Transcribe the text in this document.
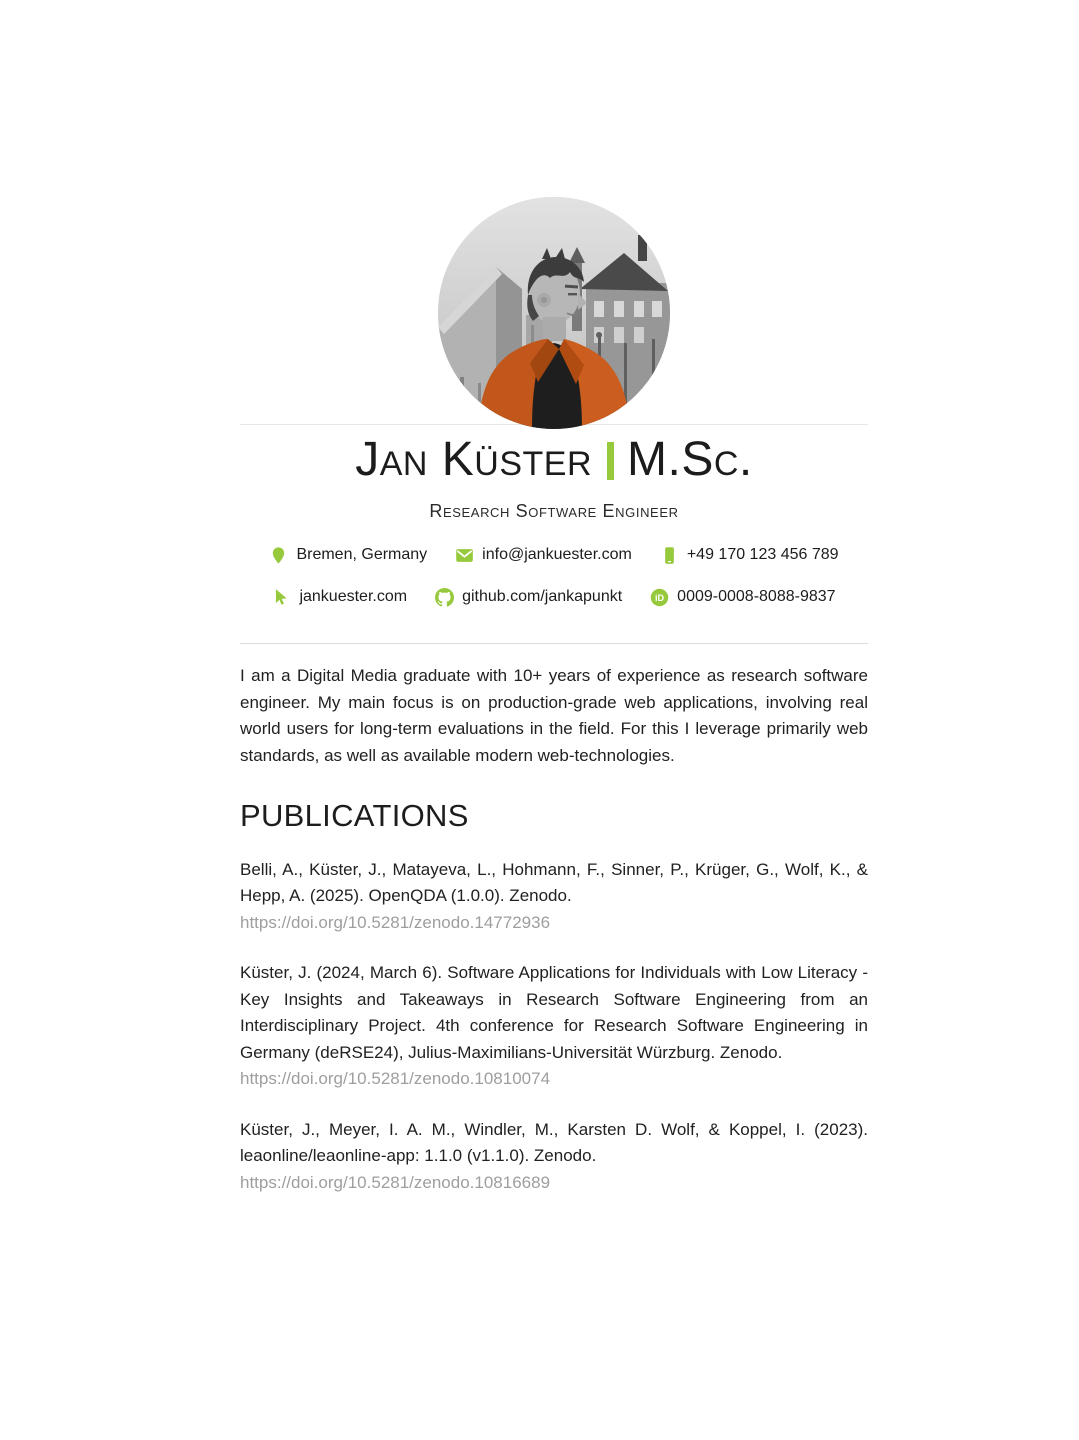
Jan Küster M.Sc.
Research Software Engineer
Bremen, Germany	info@jankuester.com	+49 170 123 456 789
jankuester.com	github.com/jankapunkt	iD 0009-0008-8088-9837

I am a Digital Media graduate with 10+ years of experience as research software engineer. My main focus is on production-grade web applications, involving real world users for long-term evaluations in the field. For this I leverage primarily web standards, as well as available modern web-technologies.

PUBLICATIONS
Belli, A., Küster, J., Matayeva, L., Hohmann, F., Sinner, P., Krüger, G., Wolf, K., & Hepp, A. (2025). OpenQDA (1.0.0). Zenodo.
https://doi.org/10.5281/zenodo.14772936
Küster, J. (2024, March 6). Software Applications for Individuals with Low Literacy - Key Insights and Takeaways in Research Software Engineering from an Interdisciplinary Project. 4th conference for Research Software Engineering in Germany (deRSE24), Julius-Maximilians-Universität Würzburg. Zenodo.
https://doi.org/10.5281/zenodo.10810074
Küster, J., Meyer, I. A. M., Windler, M., Karsten D. Wolf, & Koppel, I. (2023). leaonline/leaonline-app: 1.1.0 (v1.1.0). Zenodo.
https://doi.org/10.5281/zenodo.10816689
